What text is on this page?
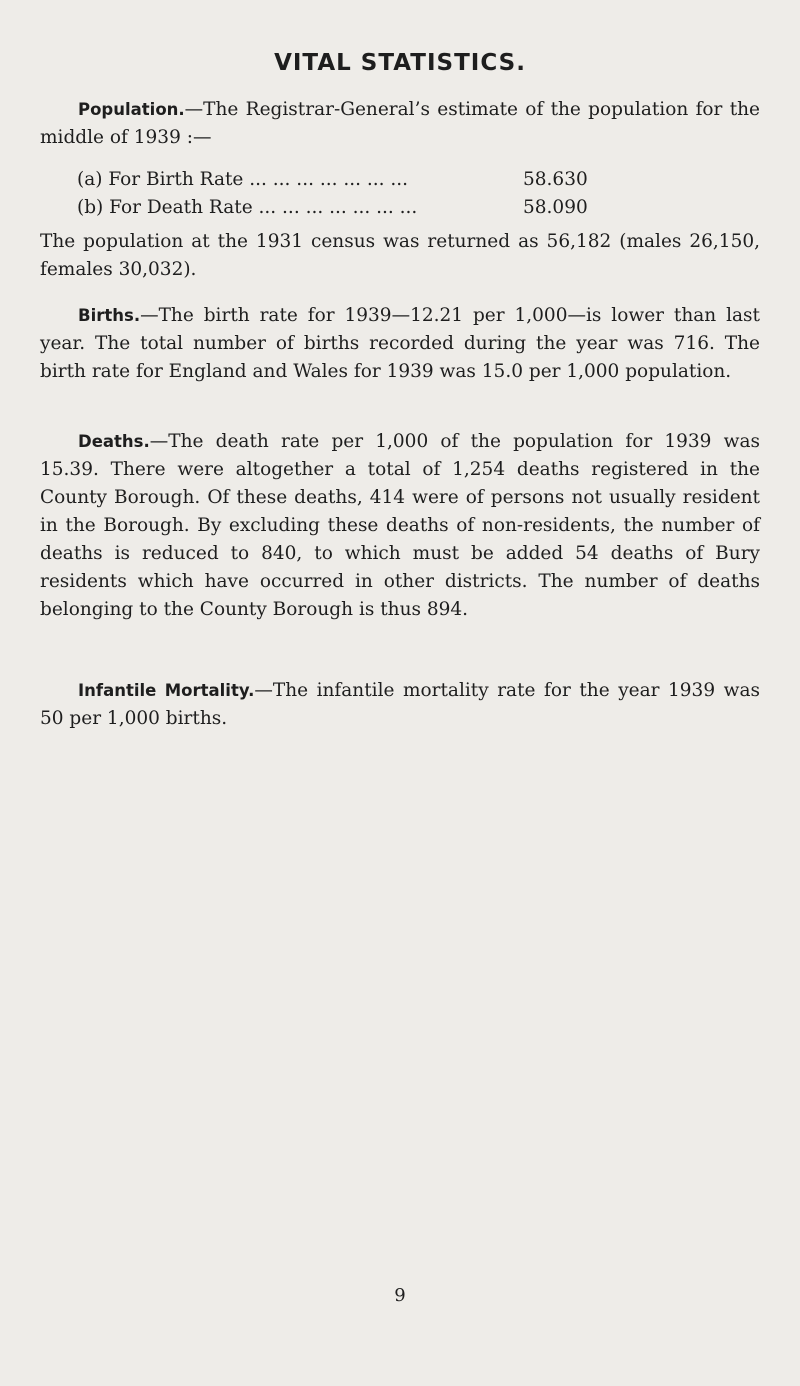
VITAL STATISTICS.

Population.—The Registrar-General’s estimate of the population for the middle of 1939 :—

(a) For Birth Rate ... ... ... ... ... ... ...	58.630
(b) For Death Rate ... ... ... ... ... ... ...	58.090

The population at the 1931 census was returned as 56,182 (males 26,150, females 30,032).

Births.—The birth rate for 1939—12.21 per 1,000—is lower than last year. The total number of births recorded during the year was 716. The birth rate for England and Wales for 1939 was 15.0 per 1,000 population.

Deaths.—The death rate per 1,000 of the population for 1939 was 15.39. There were altogether a total of 1,254 deaths registered in the County Borough. Of these deaths, 414 were of persons not usually resident in the Borough. By excluding these deaths of non-residents, the number of deaths is reduced to 840, to which must be added 54 deaths of Bury residents which have occurred in other districts. The number of deaths belonging to the County Borough is thus 894.

Infantile Mortality.—The infantile mortality rate for the year 1939 was 50 per 1,000 births.

9
